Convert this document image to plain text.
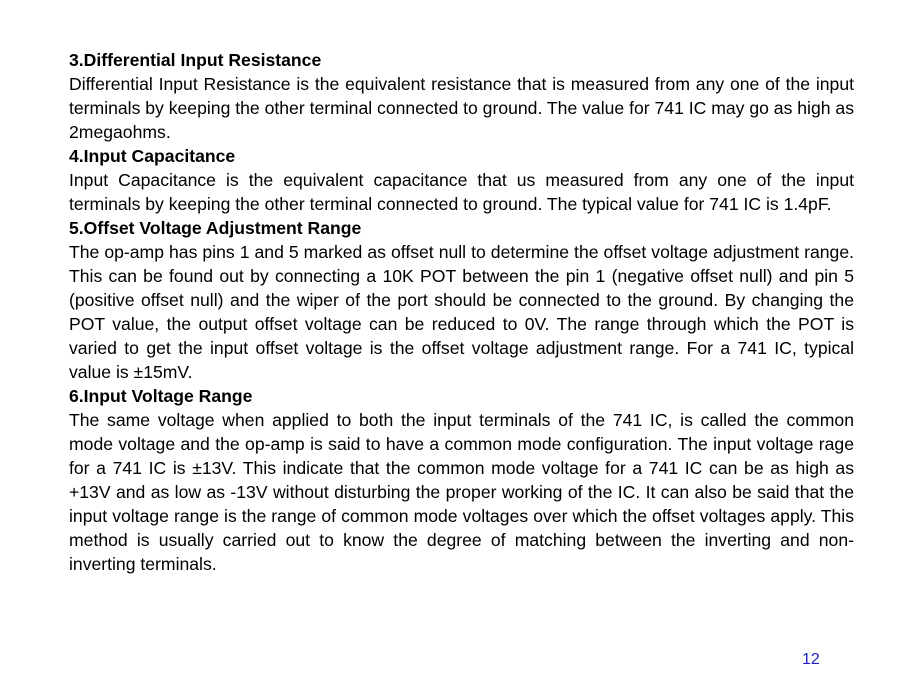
3.Differential Input Resistance

Differential Input Resistance is the equivalent resistance that is measured from any one of the input terminals by keeping the other terminal connected to ground. The value for 741 IC may go as high as 2megaohms.

4.Input Capacitance

Input Capacitance is the equivalent capacitance that us measured from any one of the input terminals by keeping the other terminal connected to ground. The typical value for 741 IC is 1.4pF.

5.Offset Voltage Adjustment Range

The op-amp has pins 1 and 5 marked as offset null to determine the offset voltage adjustment range. This can be found out by connecting a 10K POT between the pin 1 (negative offset null) and pin 5 (positive offset null) and the wiper of the port should be connected to the ground. By changing the POT value, the output offset voltage can be reduced to 0V. The range through which the POT is varied to get the input offset voltage is the offset voltage adjustment range. For a 741 IC, typical value is ±15mV.

6.Input Voltage Range

The same voltage when applied to both the input terminals of the 741 IC, is called the common mode voltage and the op-amp is said to have a common mode configuration. The input voltage rage for a 741 IC is ±13V. This indicate that the common mode voltage for a 741 IC can be as high as +13V and as low as -13V without disturbing the proper working of the IC. It can also be said that the input voltage range is the range of common mode voltages over which the offset voltages apply. This method is usually carried out to know the degree of matching between the inverting and non-inverting terminals.

12
